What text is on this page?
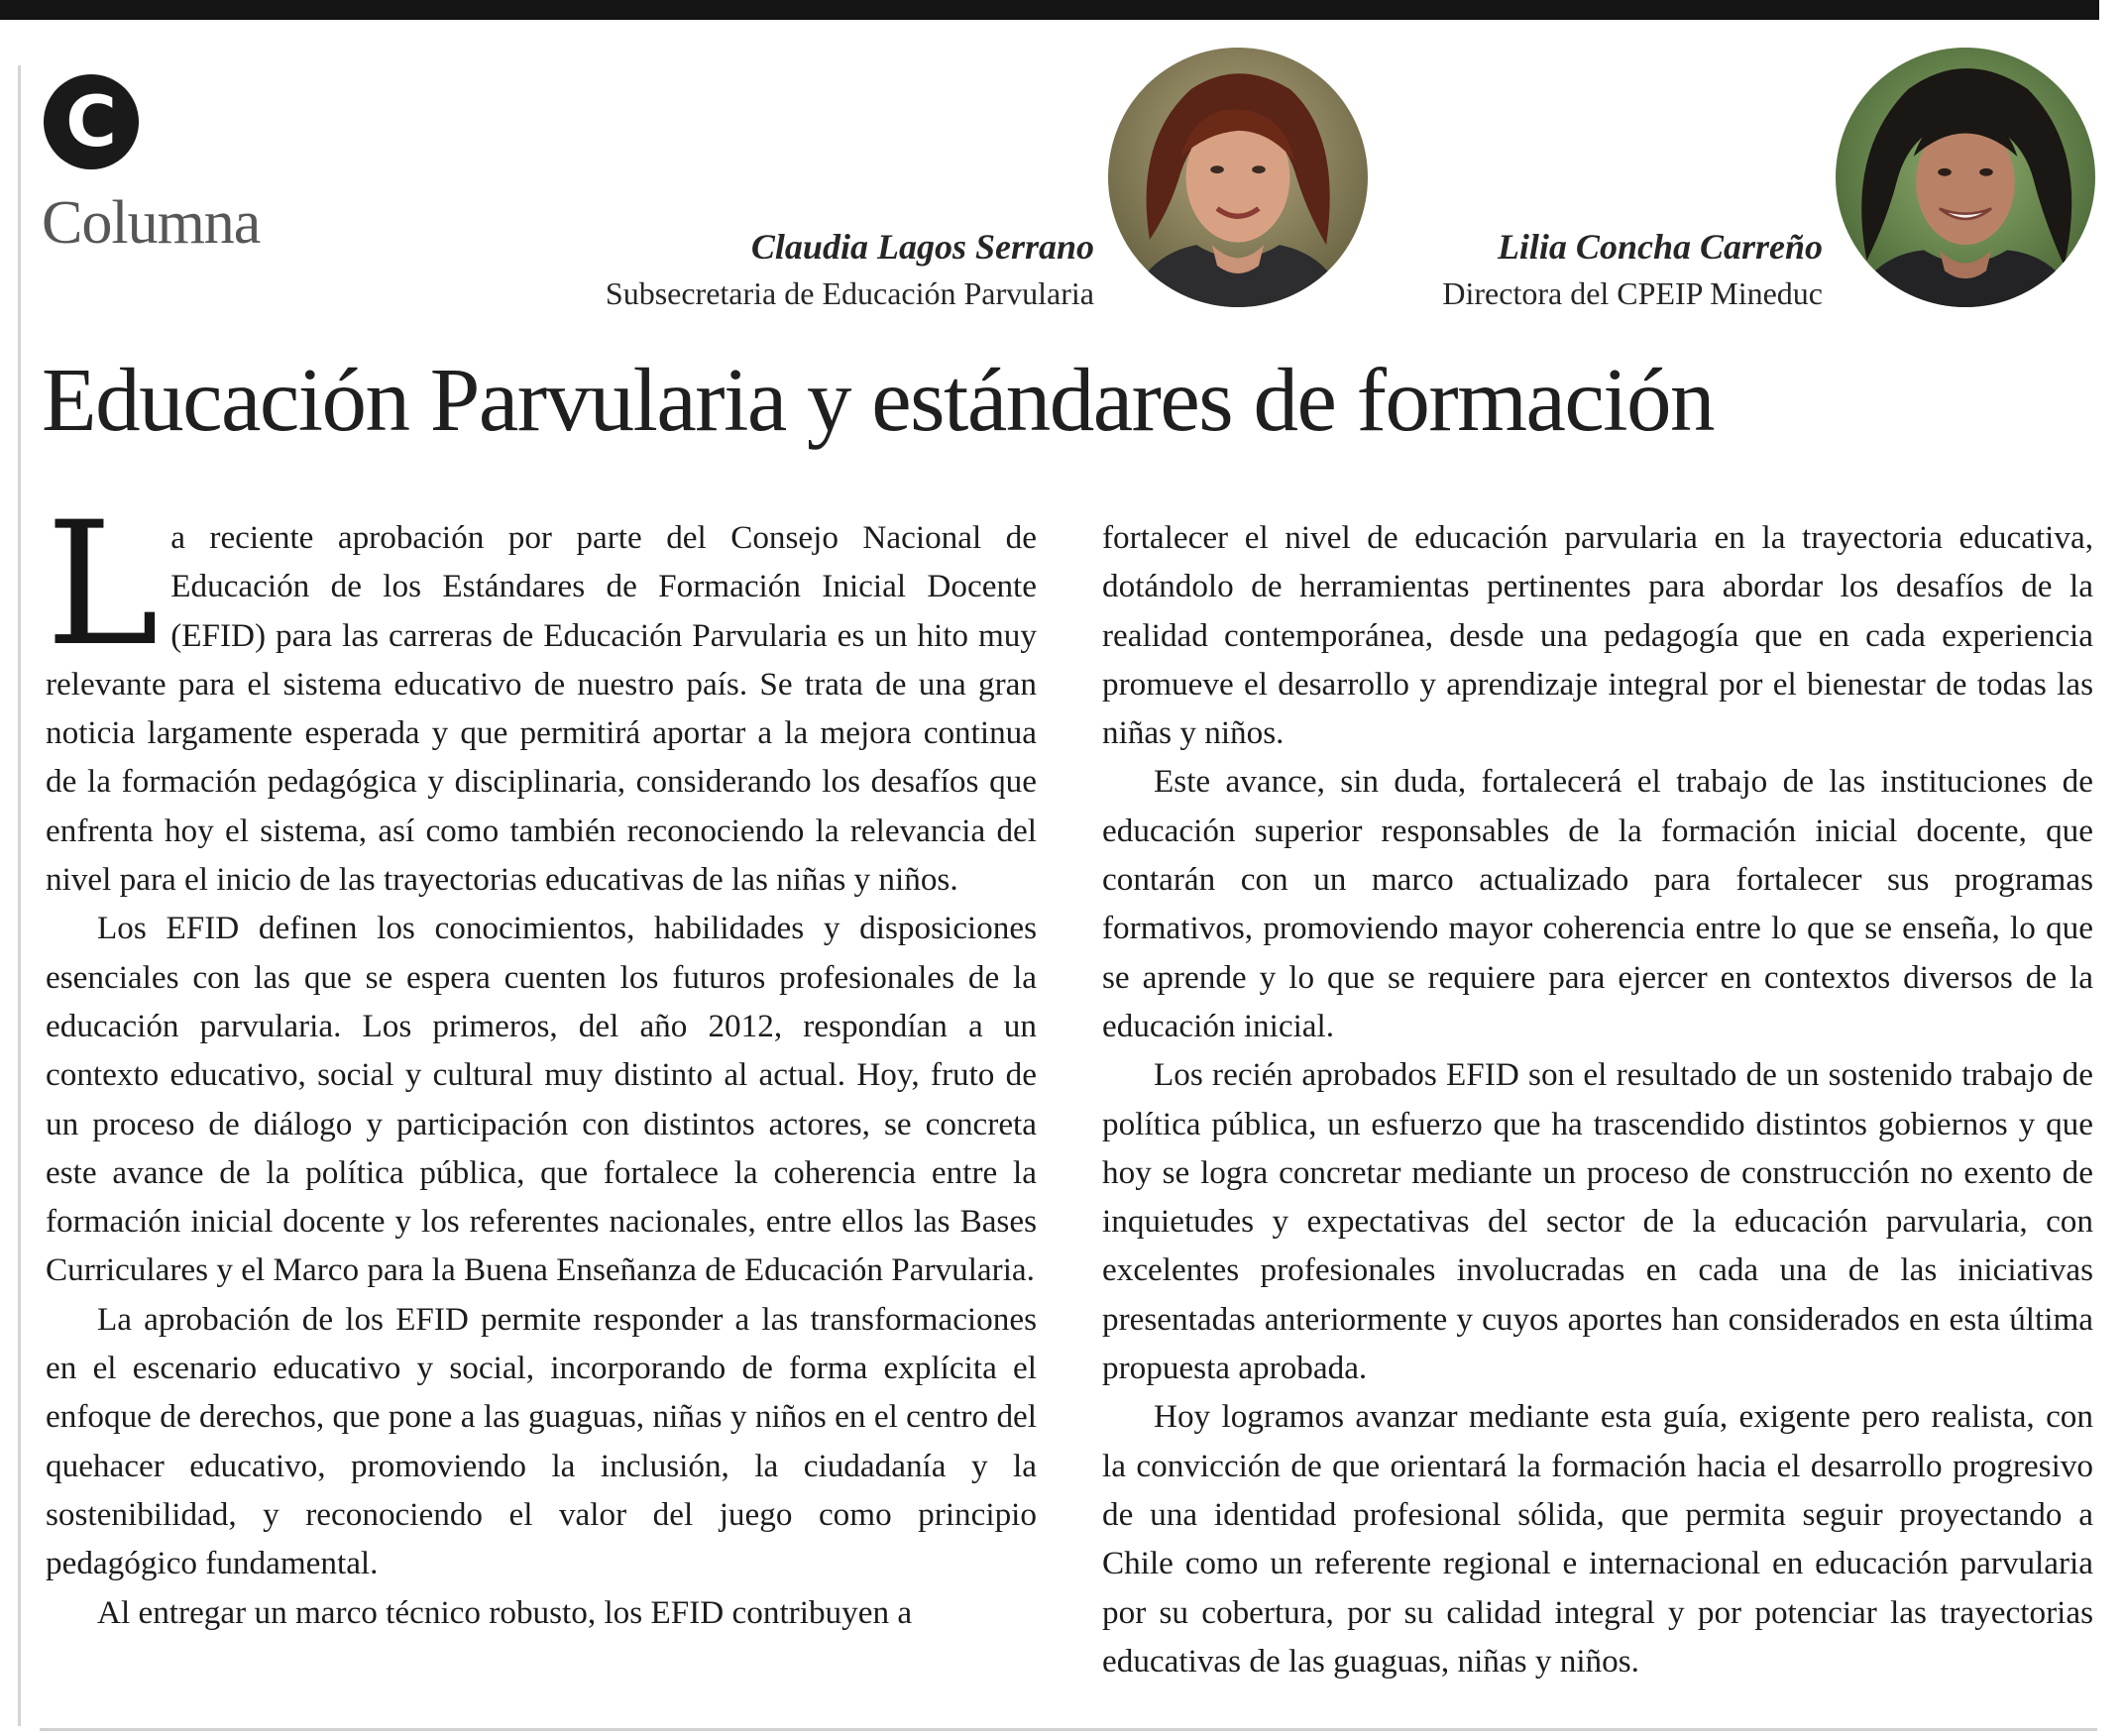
C
Columna	Claudia Lagos Serrano
Subsecretaria de Educación Parvularia
Lilia Concha Carreño
Directora del CPEIP Mineduc
Educación Parvularia y estándares de formación

La reciente aprobación por parte del Consejo Nacional de Educación de los Estándares de Formación Inicial Docente (EFID) para las carreras de Educación Parvularia es un hito muy relevante para el sistema educativo de nuestro país. Se trata de una gran noticia largamente esperada y que permitirá aportar a la mejora continua de la formación pedagógica y disciplinaria, considerando los desafíos que enfrenta hoy el sistema, así como también reconociendo la relevancia del nivel para el inicio de las trayectorias educativas de las niñas y niños.

Los EFID definen los conocimientos, habilidades y disposiciones esenciales con las que se espera cuenten los futuros profesionales de la educación parvularia. Los primeros, del año 2012, respondían a un contexto educativo, social y cultural muy distinto al actual. Hoy, fruto de un proceso de diálogo y participación con distintos actores, se concreta este avance de la política pública, que fortalece la coherencia entre la formación inicial docente y los referentes nacionales, entre ellos las Bases Curriculares y el Marco para la Buena Enseñanza de Educación Parvularia.

La aprobación de los EFID permite responder a las transformaciones en el escenario educativo y social, incorporando de forma explícita el enfoque de derechos, que pone a las guaguas, niñas y niños en el centro del quehacer educativo, promoviendo la inclusión, la ciudadanía y la sostenibilidad, y reconociendo el valor del juego como principio pedagógico fundamental.

Al entregar un marco técnico robusto, los EFID contribuyen a

fortalecer el nivel de educación parvularia en la trayectoria educativa, dotándolo de herramientas pertinentes para abordar los desafíos de la realidad contemporánea, desde una pedagogía que en cada experiencia promueve el desarrollo y aprendizaje integral por el bienestar de todas las niñas y niños.

Este avance, sin duda, fortalecerá el trabajo de las instituciones de educación superior responsables de la formación inicial docente, que contarán con un marco actualizado para fortalecer sus programas formativos, promoviendo mayor coherencia entre lo que se enseña, lo que se aprende y lo que se requiere para ejercer en contextos diversos de la educación inicial.

Los recién aprobados EFID son el resultado de un sostenido trabajo de política pública, un esfuerzo que ha trascendido distintos gobiernos y que hoy se logra concretar mediante un proceso de construcción no exento de inquietudes y expectativas del sector de la educación parvularia, con excelentes profesionales involucradas en cada una de las iniciativas presentadas anteriormente y cuyos aportes han considerados en esta última propuesta aprobada.

Hoy logramos avanzar mediante esta guía, exigente pero realista, con la convicción de que orientará la formación hacia el desarrollo progresivo de una identidad profesional sólida, que permita seguir proyectando a Chile como un referente regional e internacional en educación parvularia por su cobertura, por su calidad integral y por potenciar las trayectorias educativas de las guaguas, niñas y niños.
